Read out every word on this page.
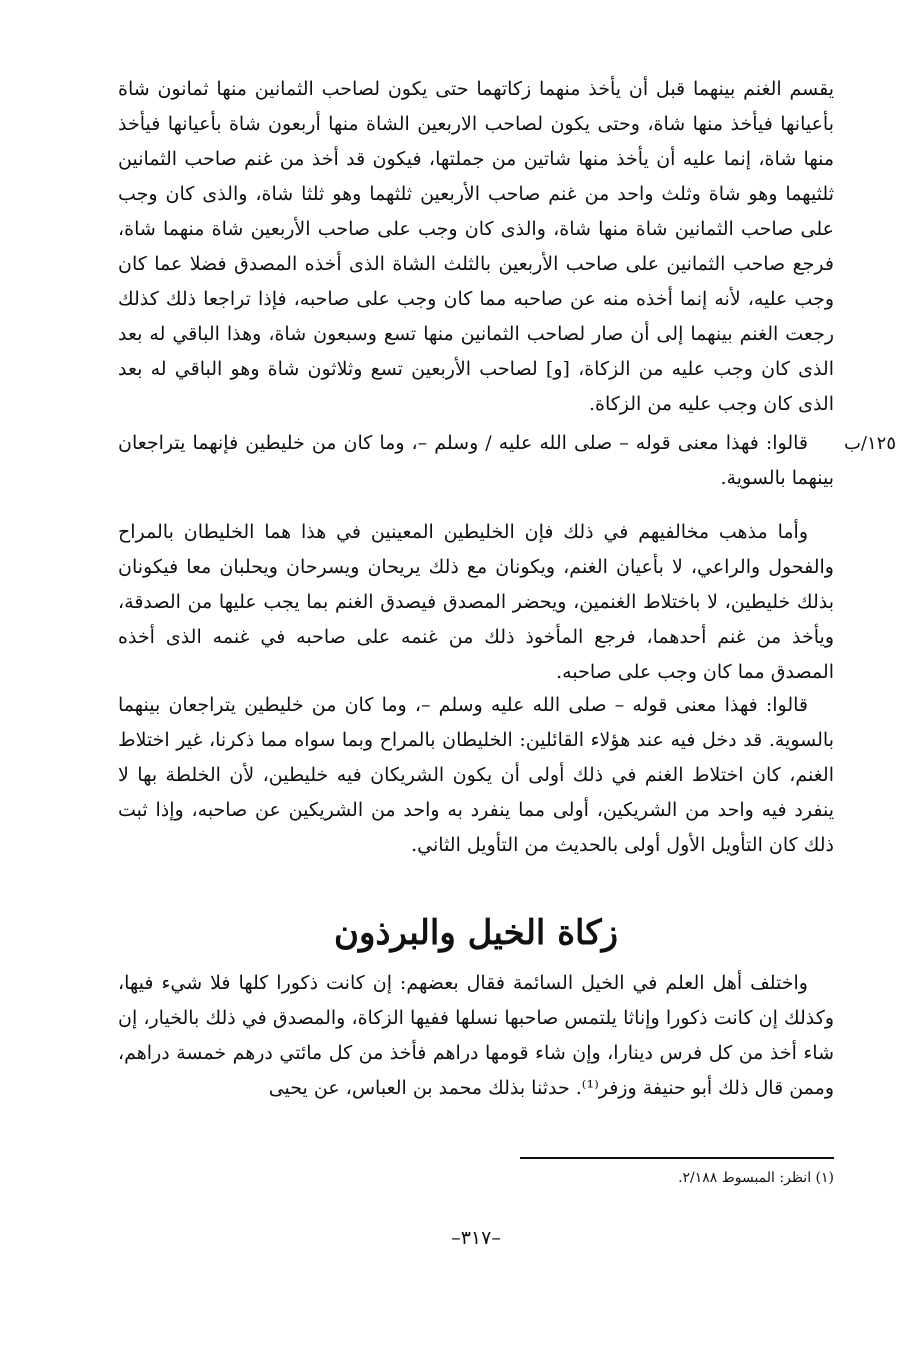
يقسم الغنم بينهما قبل أن يأخذ منهما زكاتهما حتى يكون لصاحب الثمانين منها ثمانون شاة بأعيانها فيأخذ منها شاة، وحتى يكون لصاحب الاربعين الشاة منها أربعون شاة بأعيانها فيأخذ منها شاة، إنما عليه أن يأخذ منها شاتين من جملتها، فيكون قد أخذ من غنم صاحب الثمانين ثلثيهما وهو شاة وثلث واحد من غنم صاحب الأربعين ثلثهما وهو ثلثا شاة، والذى كان وجب على صاحب الثمانين شاة منها شاة، والذى كان وجب على صاحب الأربعين شاة منهما شاة، فرجع صاحب الثمانين على صاحب الأربعين بالثلث الشاة الذى أخذه المصدق فضلا عما كان وجب عليه، لأنه إنما أخذه منه عن صاحبه مما كان وجب على صاحبه، فإذا تراجعا ذلك كذلك رجعت الغنم بينهما إلى أن صار لصاحب الثمانين منها تسع وسبعون شاة، وهذا الباقي له بعد الذى كان وجب عليه من الزكاة، [و] لصاحب الأربعين تسع وثلاثون شاة وهو الباقي له بعد الذى كان وجب عليه من الزكاة.

١٢٥/ب

قالوا: فهذا معنى قوله – صلى الله عليه / وسلم –، وما كان من خليطين فإنهما يتراجعان بينهما بالسوية.

وأما مذهب مخالفيهم في ذلك فإن الخليطين المعينين في هذا هما الخليطان بالمراح والفحول والراعي، لا بأعيان الغنم، ويكونان مع ذلك يريحان ويسرحان ويحلبان معا فيكونان بذلك خليطين، لا باختلاط الغنمين، ويحضر المصدق فيصدق الغنم بما يجب عليها من الصدقة، ويأخذ من غنم أحدهما، فرجع المأخوذ ذلك من غنمه على صاحبه في غنمه الذى أخذه المصدق مما كان وجب على صاحبه.

قالوا: فهذا معنى قوله – صلى الله عليه وسلم –، وما كان من خليطين يتراجعان بينهما بالسوية. قد دخل فيه عند هؤلاء القائلين: الخليطان بالمراح وبما سواه مما ذكرنا، غير اختلاط الغنم، كان اختلاط الغنم في ذلك أولى أن يكون الشريكان فيه خليطين، لأن الخلطة بها لا ينفرد فيه واحد من الشريكين، أولى مما ينفرد به واحد من الشريكين عن صاحبه، وإذا ثبت ذلك كان التأويل الأول أولى بالحديث من التأويل الثاني.

زكاة الخيل والبرذون

واختلف أهل العلم في الخيل السائمة فقال بعضهم: إن كانت ذكورا كلها فلا شيء فيها، وكذلك إن كانت ذكورا وإناثا يلتمس صاحبها نسلها ففيها الزكاة، والمصدق في ذلك بالخيار، إن شاء أخذ من كل فرس دينارا، وإن شاء قومها دراهم فأخذ من كل مائتي درهم خمسة دراهم، وممن قال ذلك أبو حنيفة وزفر⁽¹⁾. حدثنا بذلك محمد بن العباس، عن يحيى

(١) انظر: المبسوط ٢/١٨٨.
–٣١٧–
